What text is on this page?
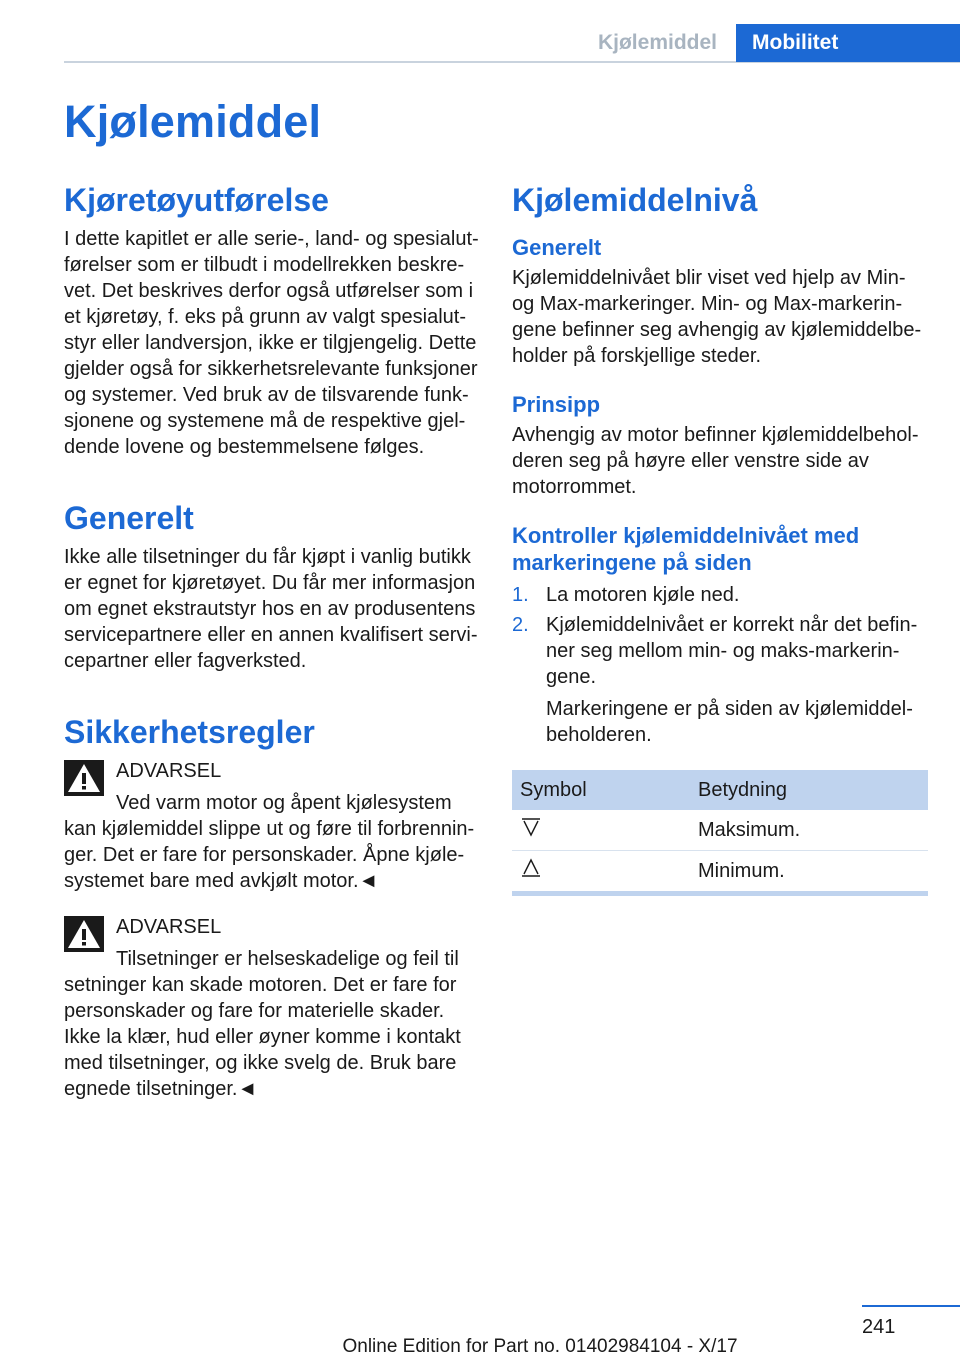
Kjølemiddel	Mobilitet
Kjølemiddel
Kjøretøyutførelse

I dette kapitlet er alle serie-, land- og spesialutførelser som er tilbudt i modellrekken beskrevet. Det beskrives derfor også utførelser som i et kjøretøy, f. eks på grunn av valgt spesialutstyr eller landversjon, ikke er tilgjengelig. Dette gjelder også for sikkerhetsrelevante funksjoner og systemer. Ved bruk av de tilsvarende funksjonene og systemene må de respektive gjeldende lovene og bestemmelsene følges.

Generelt

Ikke alle tilsetninger du får kjøpt i vanlig butikk er egnet for kjøretøyet. Du får mer informasjon om egnet ekstrautstyr hos en av produsentens servicepartnere eller en annen kvalifisert servicepartner eller fagverksted.

Sikkerhetsregler
ADVARSEL
Ved varm motor og åpent kjølesystem
kan kjølemiddel slippe ut og føre til forbrenninger. Det er fare for personskader. Åpne kjølesystemet bare med avkjølt motor.◄
ADVARSEL
Tilsetninger er helseskadelige og feil til
setninger kan skade motoren. Det er fare for personskader og fare for materielle skader. Ikke la klær, hud eller øyner komme i kontakt med tilsetninger, og ikke svelg de. Bruk bare egnede tilsetninger.◄
Kjølemiddelnivå
Generelt

Kjølemiddelnivået blir viset ved hjelp av Min- og Max-markeringer. Min- og Max-markeringene befinner seg avhengig av kjølemiddelbeholder på forskjellige steder.

Prinsipp

Avhengig av motor befinner kjølemiddelbeholderen seg på høyre eller venstre side av motorrommet.

Kontroller kjølemiddelnivået med markeringene på siden
1. La motoren kjøle ned.
2. Kjølemiddelnivået er korrekt når det befinner seg mellom min- og maks-markeringene.
Markeringene er på siden av kjølemiddelbeholderen.
Symbol	Betydning
	Maksimum.
	Minimum.
241
Online Edition for Part no. 01402984104 - X/17
